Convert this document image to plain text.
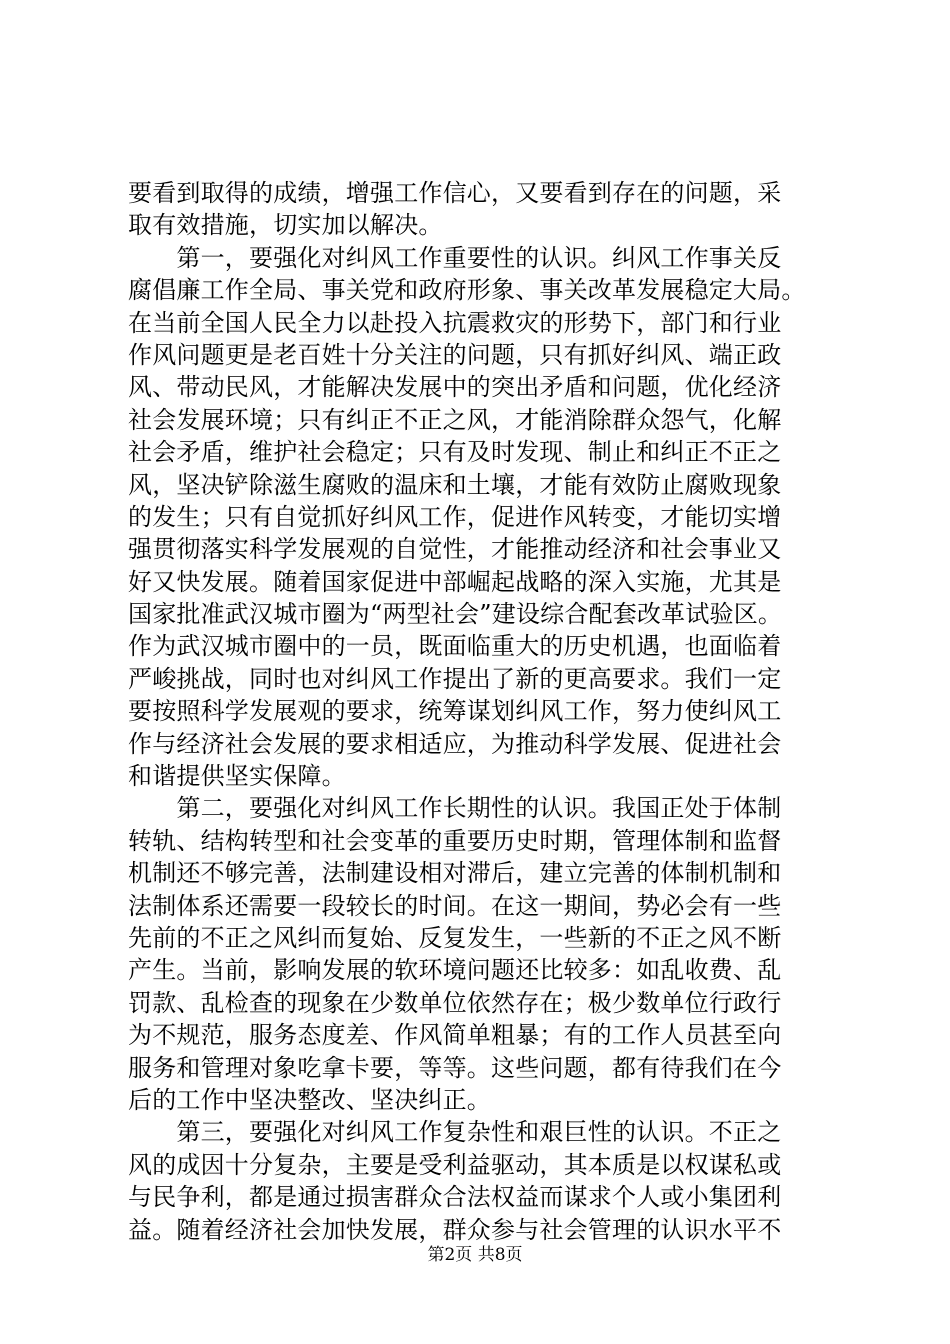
要看到取得的成绩，增强工作信心，又要看到存在的问题，采
取有效措施，切实加以解决。
　　第一，要强化对纠风工作重要性的认识。纠风工作事关反
腐倡廉工作全局、事关党和政府形象、事关改革发展稳定大局。
在当前全国人民全力以赴投入抗震救灾的形势下，部门和行业
作风问题更是老百姓十分关注的问题，只有抓好纠风、端正政
风、带动民风，才能解决发展中的突出矛盾和问题，优化经济
社会发展环境；只有纠正不正之风，才能消除群众怨气，化解
社会矛盾，维护社会稳定；只有及时发现、制止和纠正不正之
风，坚决铲除滋生腐败的温床和土壤，才能有效防止腐败现象
的发生；只有自觉抓好纠风工作，促进作风转变，才能切实增
强贯彻落实科学发展观的自觉性，才能推动经济和社会事业又
好又快发展。随着国家促进中部崛起战略的深入实施，尤其是
国家批准武汉城市圈为“两型社会”建设综合配套改革试验区。
作为武汉城市圈中的一员，既面临重大的历史机遇，也面临着
严峻挑战，同时也对纠风工作提出了新的更高要求。我们一定
要按照科学发展观的要求，统筹谋划纠风工作，努力使纠风工
作与经济社会发展的要求相适应，为推动科学发展、促进社会
和谐提供坚实保障。
　　第二，要强化对纠风工作长期性的认识。我国正处于体制
转轨、结构转型和社会变革的重要历史时期，管理体制和监督
机制还不够完善，法制建设相对滞后，建立完善的体制机制和
法制体系还需要一段较长的时间。在这一期间，势必会有一些
先前的不正之风纠而复始、反复发生，一些新的不正之风不断
产生。当前，影响发展的软环境问题还比较多：如乱收费、乱
罚款、乱检查的现象在少数单位依然存在；极少数单位行政行
为不规范，服务态度差、作风简单粗暴；有的工作人员甚至向
服务和管理对象吃拿卡要，等等。这些问题，都有待我们在今
后的工作中坚决整改、坚决纠正。
　　第三，要强化对纠风工作复杂性和艰巨性的认识。不正之
风的成因十分复杂，主要是受利益驱动，其本质是以权谋私或
与民争利，都是通过损害群众合法权益而谋求个人或小集团利
益。随着经济社会加快发展，群众参与社会管理的认识水平不
第2页 共8页
